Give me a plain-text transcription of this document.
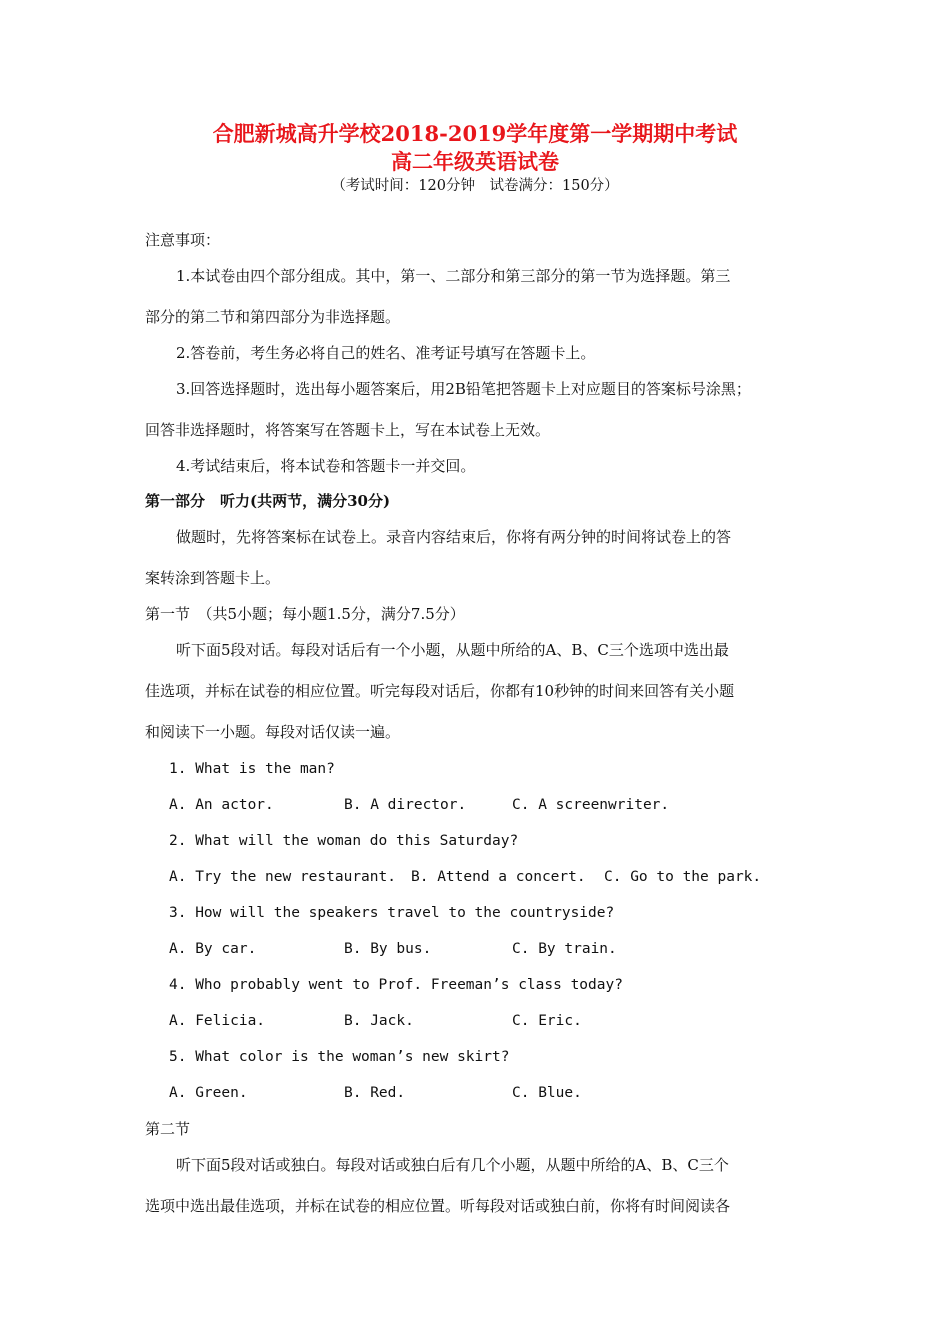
合肥新城高升学校2018-2019学年度第一学期期中考试
高二年级英语试卷
（考试时间：120分钟　试卷满分：150分）
注意事项：
1.本试卷由四个部分组成。其中，第一、二部分和第三部分的第一节为选择题。第三
部分的第二节和第四部分为非选择题。
2.答卷前，考生务必将自己的姓名、准考证号填写在答题卡上。
3.回答选择题时，选出每小题答案后，用2B铅笔把答题卡上对应题目的答案标号涂黑；
回答非选择题时，将答案写在答题卡上，写在本试卷上无效。
4.考试结束后，将本试卷和答题卡一并交回。
第一部分　听力(共两节，满分30分)
做题时，先将答案标在试卷上。录音内容结束后，你将有两分钟的时间将试卷上的答
案转涂到答题卡上。
第一节　（共5小题；每小题1.5分，满分7.5分）
听下面5段对话。每段对话后有一个小题，从题中所给的A、B、C三个选项中选出最
佳选项，并标在试卷的相应位置。听完每段对话后，你都有10秒钟的时间来回答有关小题
和阅读下一小题。每段对话仅读一遍。
1. What is the man?
A. An actor.	B. A director.	C. A screenwriter.
2. What will the woman do this Saturday?
A. Try the new restaurant. B. Attend a concert. C. Go to the park.
3. How will the speakers travel to the countryside?
A. By car.	B. By bus.	C. By train.
4. Who probably went to Prof. Freeman’s class today?
A. Felicia.	B. Jack.	C. Eric.
5. What color is the woman’s new skirt?
A. Green.	B. Red.	C. Blue.
第二节
听下面5段对话或独白。每段对话或独白后有几个小题，从题中所给的A、B、C三个
选项中选出最佳选项，并标在试卷的相应位置。听每段对话或独白前，你将有时间阅读各
